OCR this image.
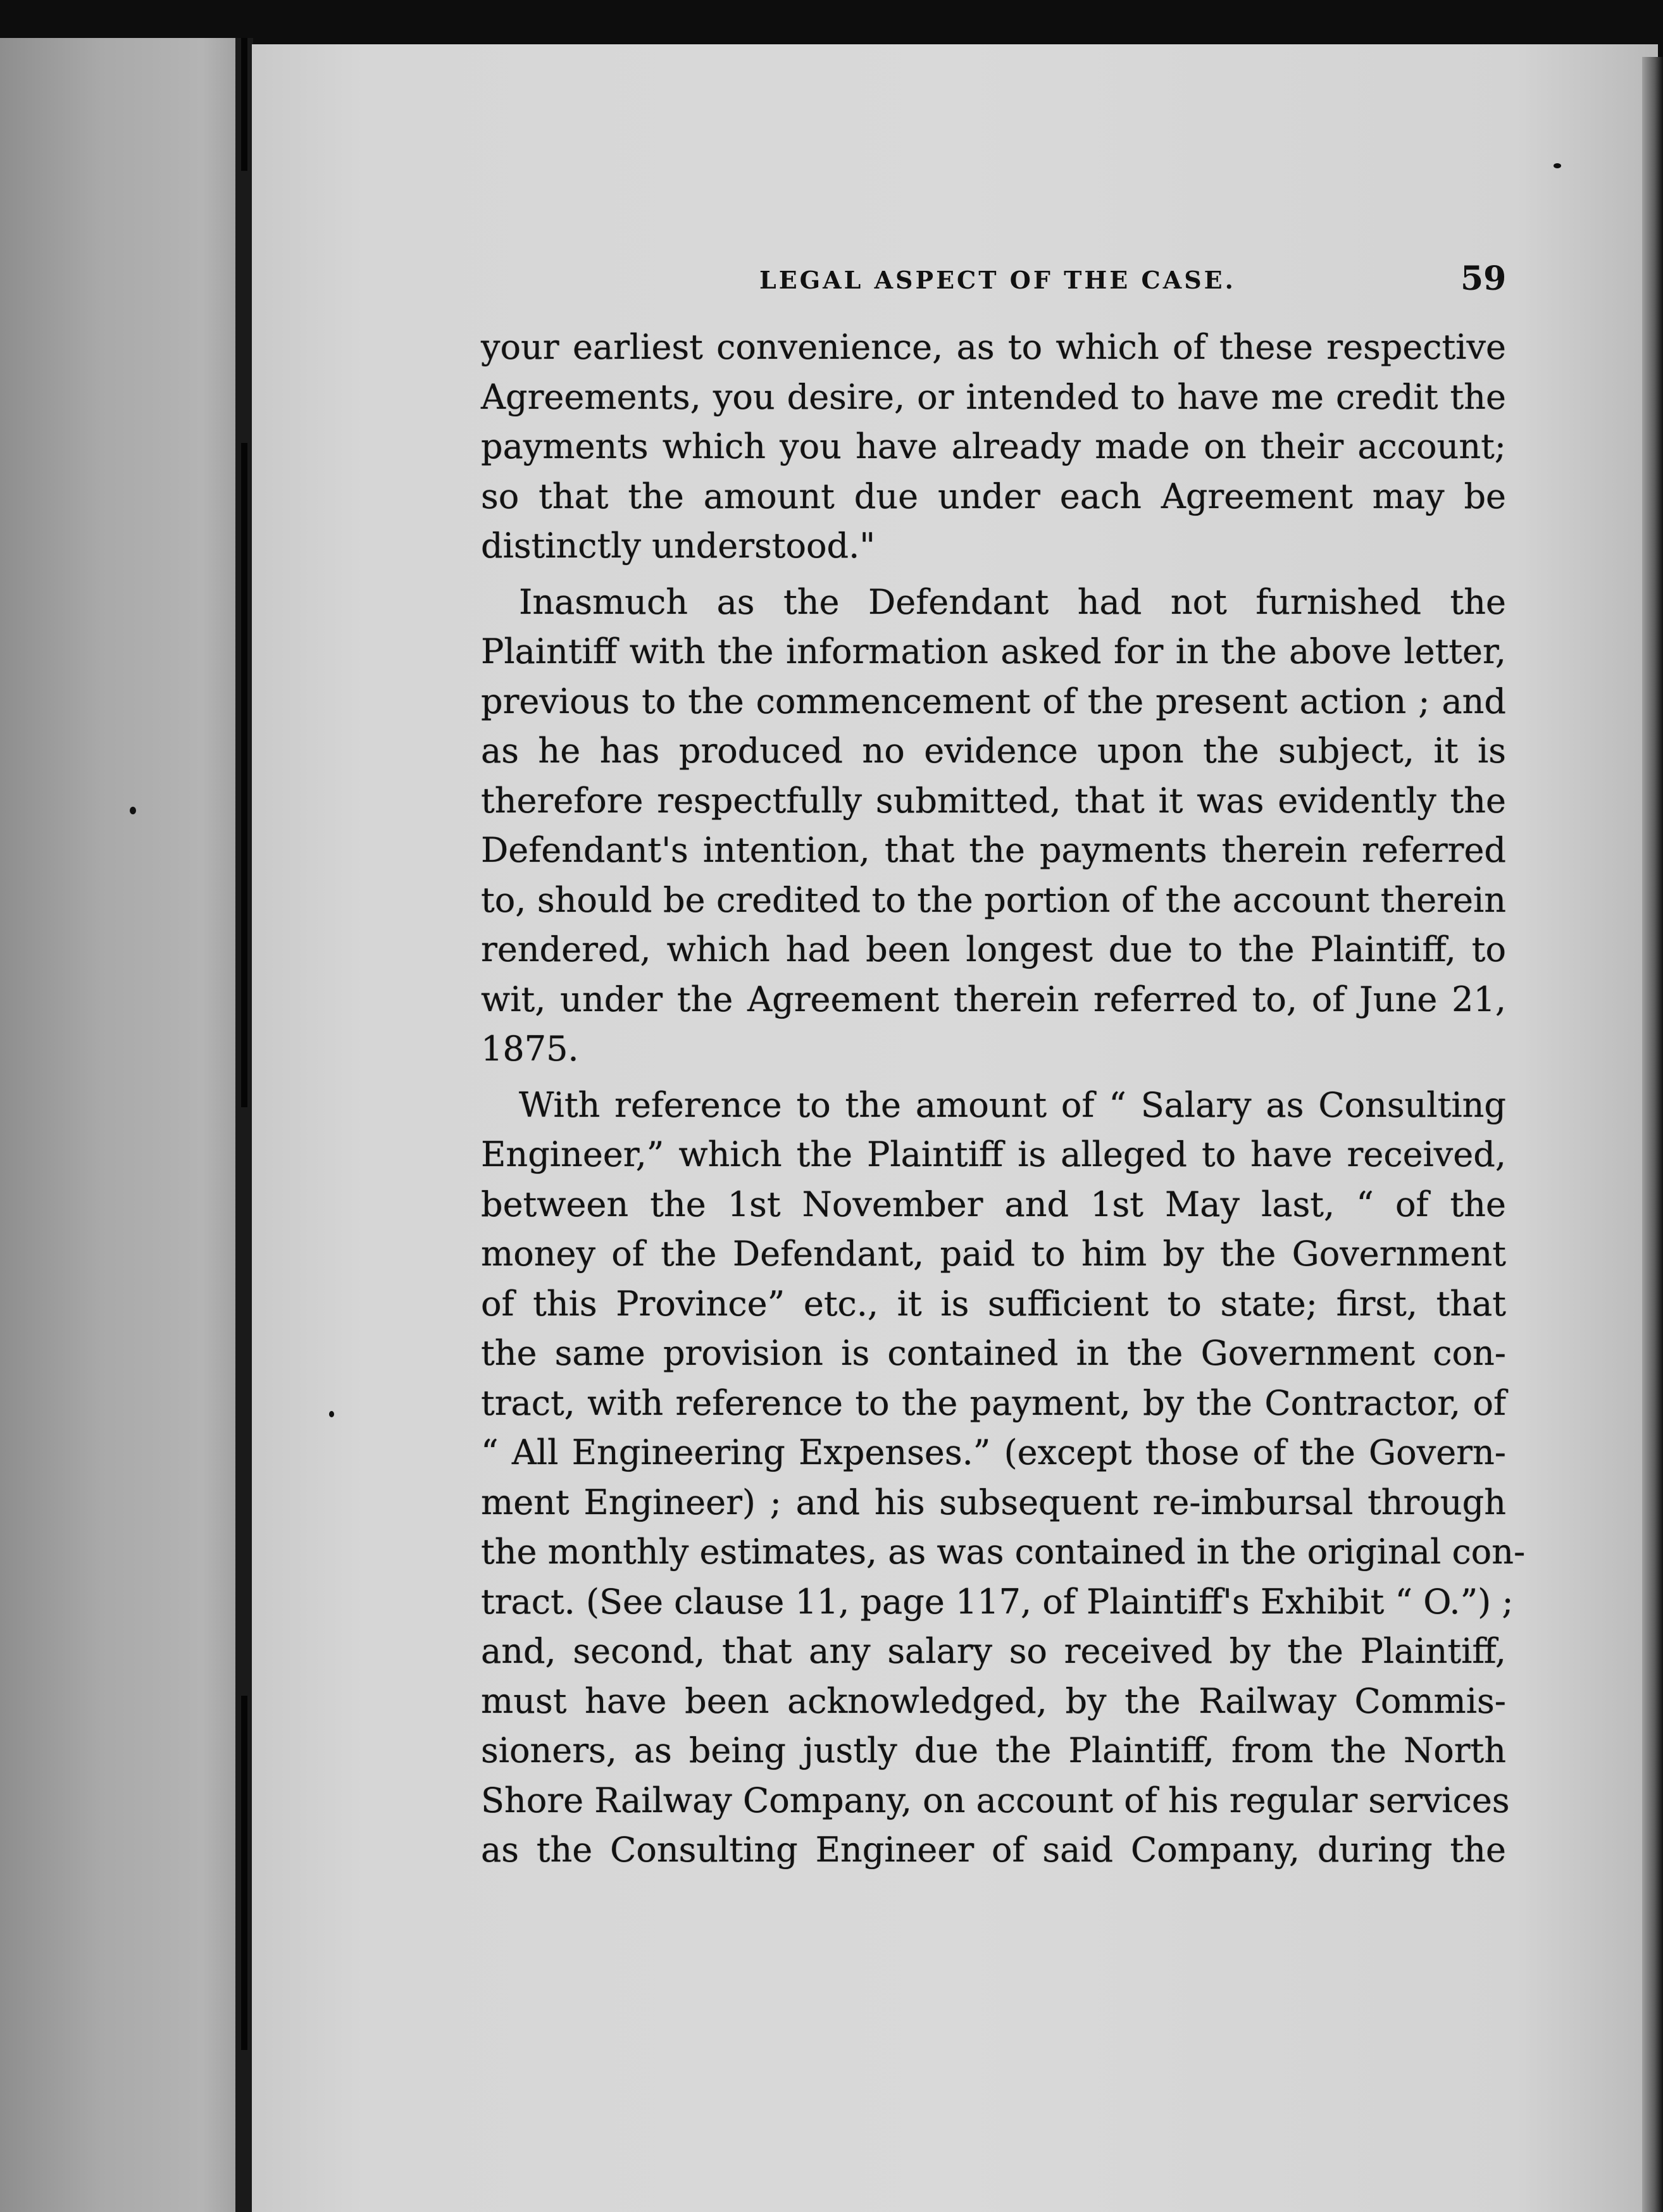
LEGAL ASPECT OF THE CASE.	59
your earliest convenience, as to which of these respective
Agreements, you desire, or intended to have me credit the
payments which you have already made on their account;
so that the amount due under each Agreement may be
distinctly understood."
Inasmuch as the Defendant had not furnished the
Plaintiff with the information asked for in the above letter,
previous to the commencement of the present action ; and
as he has produced no evidence upon the subject, it is
therefore respectfully submitted, that it was evidently the
Defendant's intention, that the payments therein referred
to, should be credited to the portion of the account therein
rendered, which had been longest due to the Plaintiff, to
wit, under the Agreement therein referred to, of June 21,
1875.
With reference to the amount of “ Salary as Consulting
Engineer,” which the Plaintiff is alleged to have received,
between the 1st November and 1st May last, “ of the
money of the Defendant, paid to him by the Government
of this Province” etc., it is sufficient to state; first, that
the same provision is contained in the Government con-
tract, with reference to the payment, by the Contractor, of
“ All Engineering Expenses.” (except those of the Govern-
ment Engineer) ; and his subsequent re-imbursal through
the monthly estimates, as was contained in the original con-
tract. (See clause 11, page 117, of Plaintiff's Exhibit “ O.”) ;
and, second, that any salary so received by the Plaintiff,
must have been acknowledged, by the Railway Commis-
sioners, as being justly due the Plaintiff, from the North
Shore Railway Company, on account of his regular services
as the Consulting Engineer of said Company, during the
